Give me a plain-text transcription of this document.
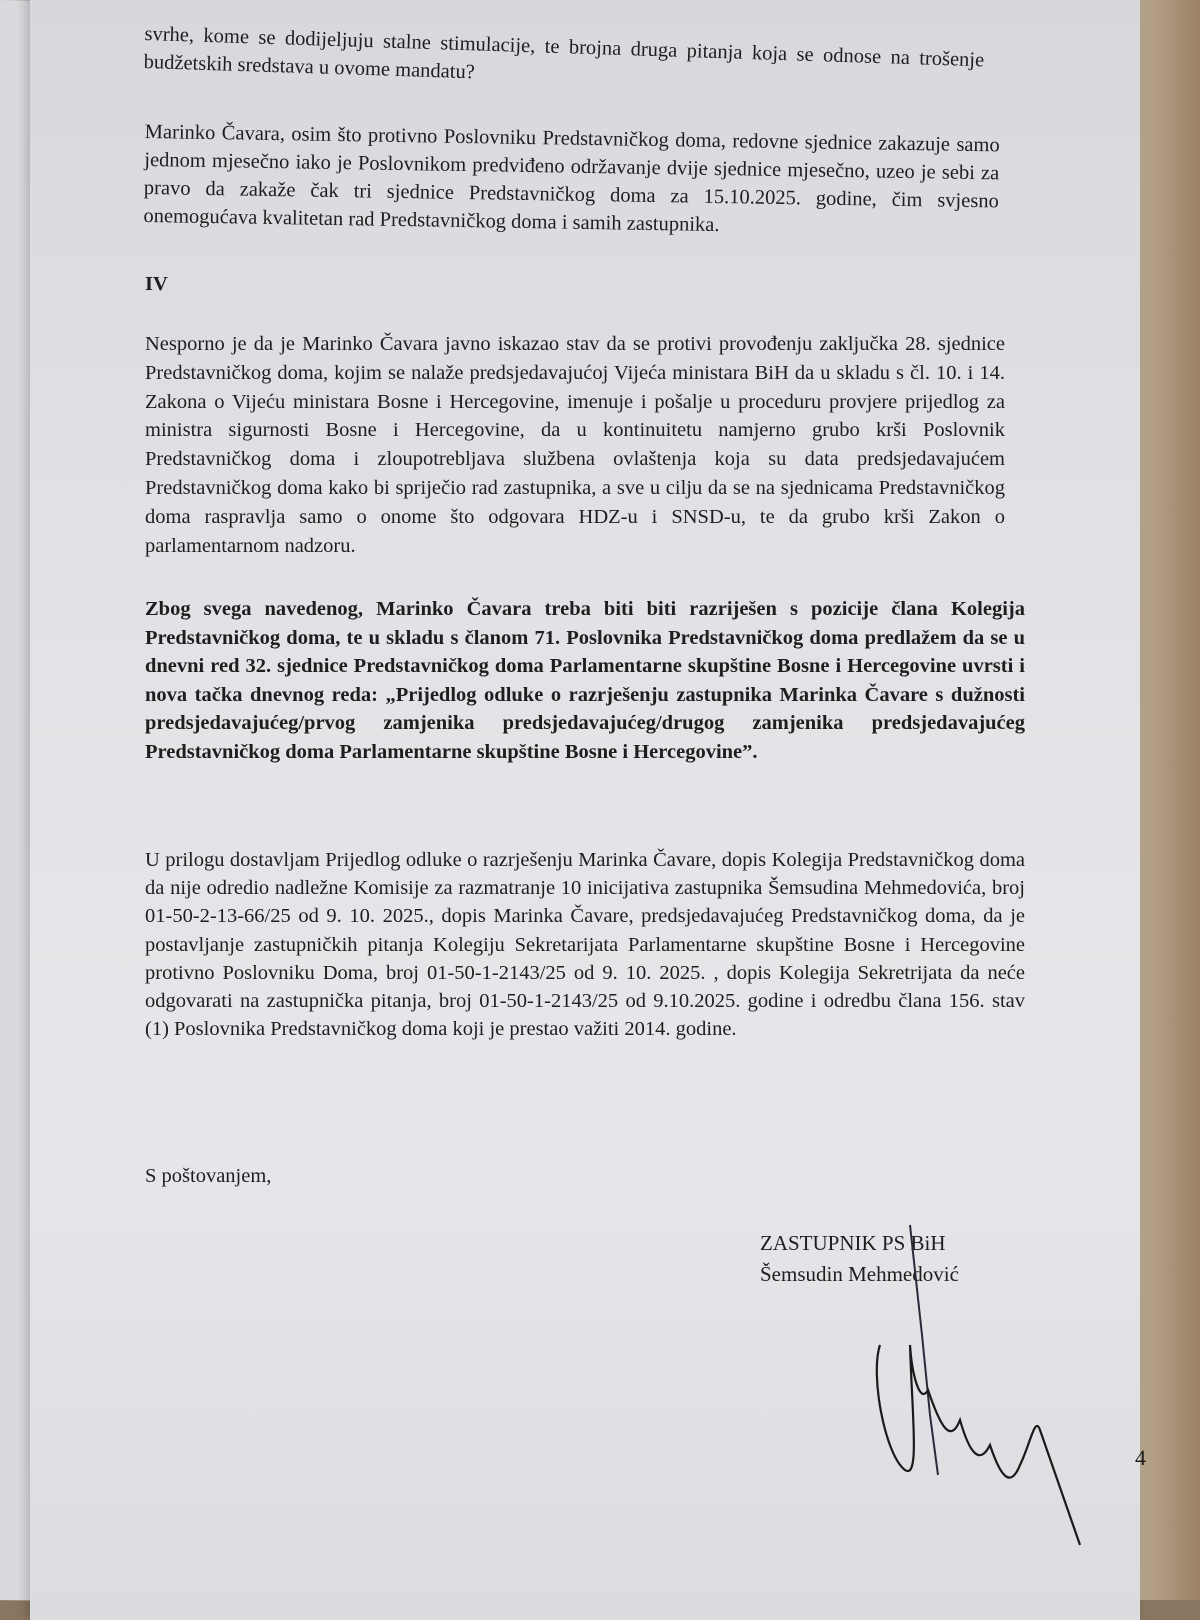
svrhe, kome se dodijeljuju stalne stimulacije, te brojna druga pitanja koja se odnose na trošenje budžetskih sredstava u ovome mandatu?

Marinko Čavara, osim što protivno Poslovniku Predstavničkog doma, redovne sjednice zakazuje samo jednom mjesečno iako je Poslovnikom predviđeno održavanje dvije sjednice mjesečno, uzeo je sebi za pravo da zakaže čak tri sjednice Predstavničkog doma za 15.10.2025. godine, čim svjesno onemogućava kvalitetan rad Predstavničkog doma i samih zastupnika.

IV

Nesporno je da je Marinko Čavara javno iskazao stav da se protivi provođenju zaključka 28. sjednice Predstavničkog doma, kojim se nalaže predsjedavajućoj Vijeća ministara BiH da u skladu s čl. 10. i 14. Zakona o Vijeću ministara Bosne i Hercegovine, imenuje i pošalje u proceduru provjere prijedlog za ministra sigurnosti Bosne i Hercegovine, da u kontinuitetu namjerno grubo krši Poslovnik Predstavničkog doma i zloupotrebljava službena ovlaštenja koja su data predsjedavajućem Predstavničkog doma kako bi spriječio rad zastupnika, a sve u cilju da se na sjednicama Predstavničkog doma raspravlja samo o onome što odgovara HDZ-u i SNSD-u, te da grubo krši Zakon o parlamentarnom nadzoru.

Zbog svega navedenog, Marinko Čavara treba biti biti razriješen s pozicije člana Kolegija Predstavničkog doma, te u skladu s članom 71. Poslovnika Predstavničkog doma predlažem da se u dnevni red 32. sjednice Predstavničkog doma Parlamentarne skupštine Bosne i Hercegovine uvrsti i nova tačka dnevnog reda: „Prijedlog odluke o razrješenju zastupnika Marinka Čavare s dužnosti predsjedavajućeg/prvog zamjenika predsjedavajućeg/drugog zamjenika predsjedavajućeg Predstavničkog doma Parlamentarne skupštine Bosne i Hercegovine”.

U prilogu dostavljam Prijedlog odluke o razrješenju Marinka Čavare, dopis Kolegija Predstavničkog doma da nije odredio nadležne Komisije za razmatranje 10 inicijativa zastupnika Šemsudina Mehmedovića, broj 01-50-2-13-66/25 od 9. 10. 2025., dopis Marinka Čavare, predsjedavajućeg Predstavničkog doma, da je postavljanje zastupničkih pitanja Kolegiju Sekretarijata Parlamentarne skupštine Bosne i Hercegovine protivno Poslovniku Doma, broj 01-50-1-2143/25 od 9. 10. 2025. , dopis Kolegija Sekretrijata da neće odgovarati na zastupnička pitanja, broj 01-50-1-2143/25 od 9.10.2025. godine i odredbu člana 156. stav (1) Poslovnika Predstavničkog doma koji je prestao važiti 2014. godine.

S poštovanjem,
ZASTUPNIK PS BiH
Šemsudin Mehmedović
4
